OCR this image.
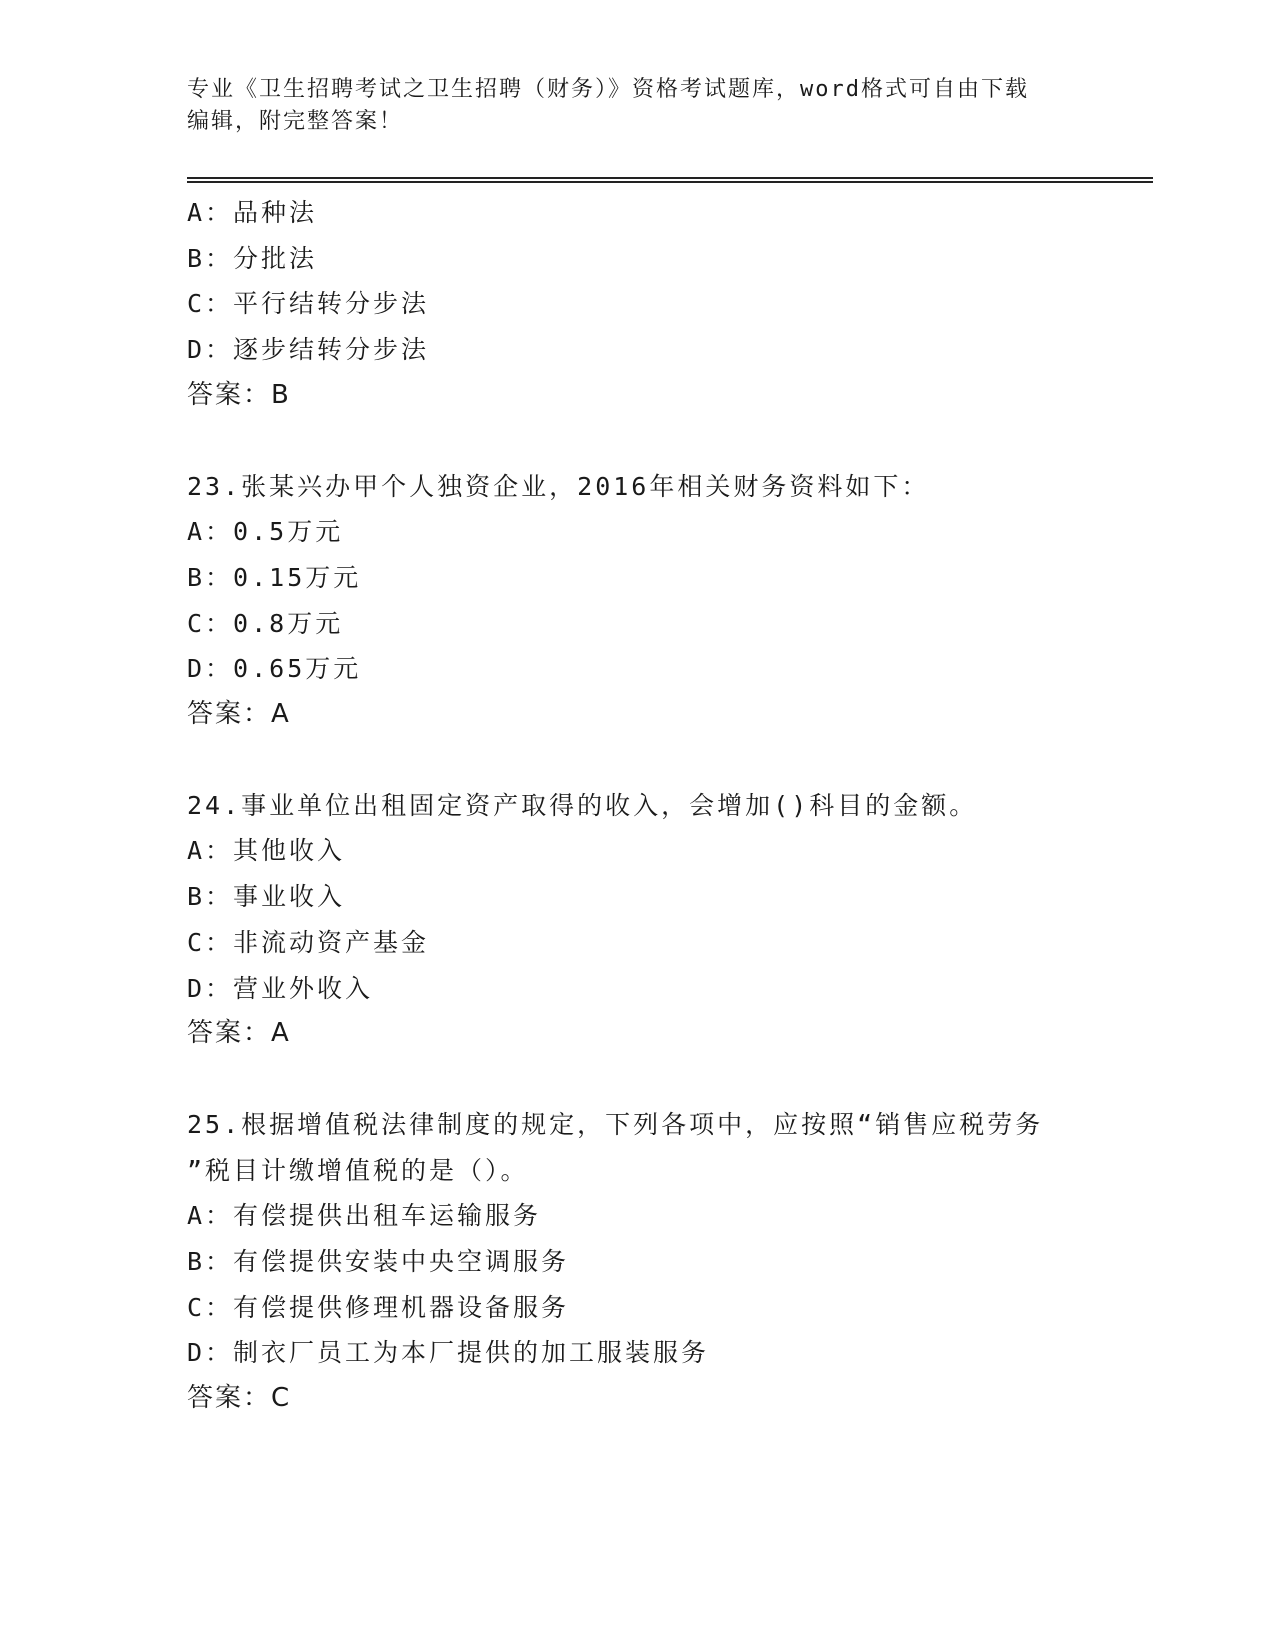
专业《卫生招聘考试之卫生招聘（财务）》资格考试题库，word格式可自由下载
编辑，附完整答案！
A：品种法
B：分批法
C：平行结转分步法
D：逐步结转分步法
答案：B
23.张某兴办甲个人独资企业，2016年相关财务资料如下：
A：0.5万元
B：0.15万元
C：0.8万元
D：0.65万元
答案：A
24.事业单位出租固定资产取得的收入，会增加()科目的金额。
A：其他收入
B：事业收入
C：非流动资产基金
D：营业外收入
答案：A
25.根据增值税法律制度的规定，下列各项中，应按照“销售应税劳务
”税目计缴增值税的是（）。
A：有偿提供出租车运输服务
B：有偿提供安装中央空调服务
C：有偿提供修理机器设备服务
D：制衣厂员工为本厂提供的加工服装服务
答案：C
